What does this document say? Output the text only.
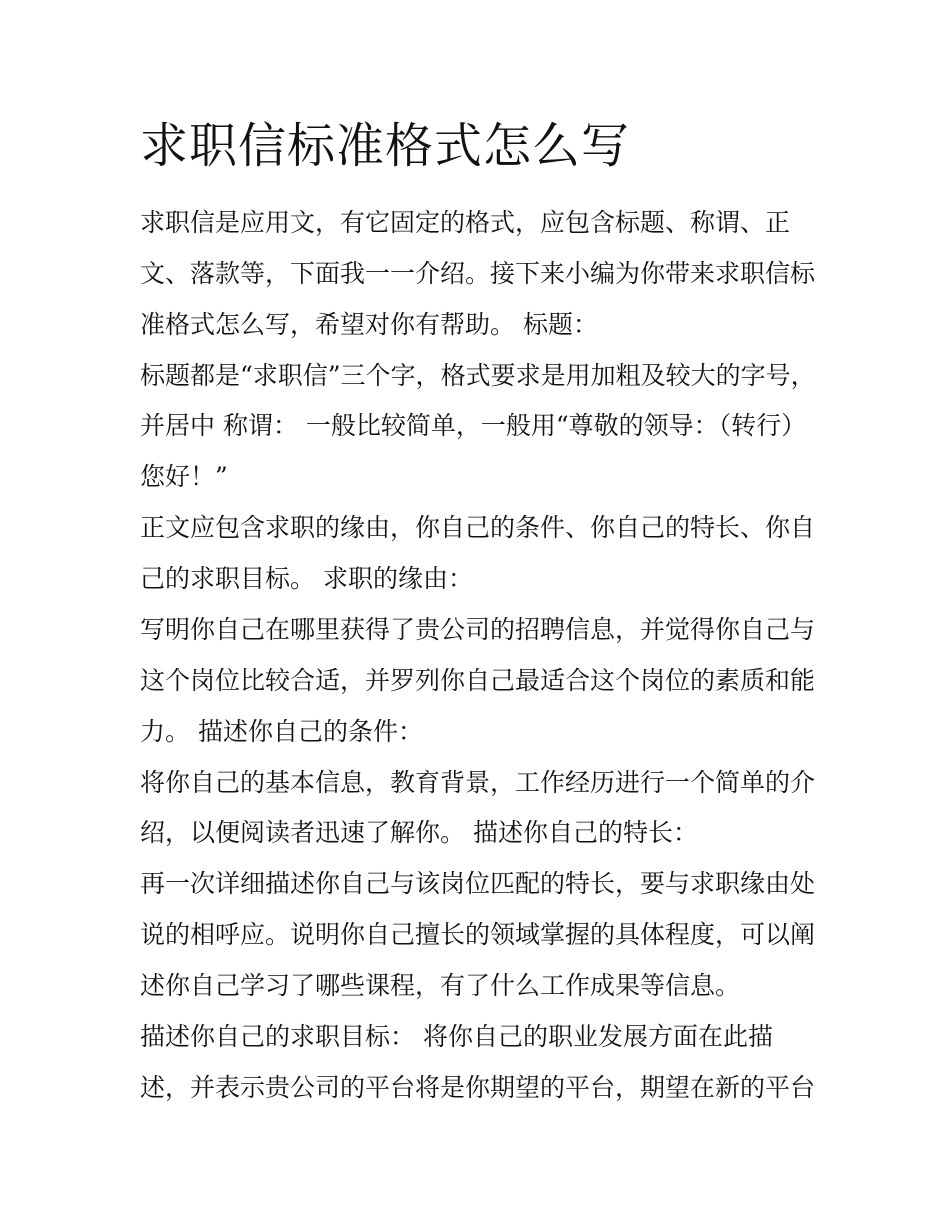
求职信标准格式怎么写

求职信是应用文，有它固定的格式，应包含标题、称谓、正

文、落款等，下面我一一介绍。接下来小编为你带来求职信标

准格式怎么写，希望对你有帮助。 标题：

标题都是“求职信”三个字，格式要求是用加粗及较大的字号，

并居中 称谓： 一般比较简单，一般用“尊敬的领导：（转行）

您好！”

正文应包含求职的缘由，你自己的条件、你自己的特长、你自

己的求职目标。 求职的缘由：

写明你自己在哪里获得了贵公司的招聘信息，并觉得你自己与

这个岗位比较合适，并罗列你自己最适合这个岗位的素质和能

力。 描述你自己的条件：

将你自己的基本信息，教育背景，工作经历进行一个简单的介

绍，以便阅读者迅速了解你。 描述你自己的特长：

再一次详细描述你自己与该岗位匹配的特长，要与求职缘由处

说的相呼应。说明你自己擅长的领域掌握的具体程度，可以阐

述你自己学习了哪些课程，有了什么工作成果等信息。

描述你自己的求职目标： 将你自己的职业发展方面在此描

述，并表示贵公司的平台将是你期望的平台，期望在新的平台
